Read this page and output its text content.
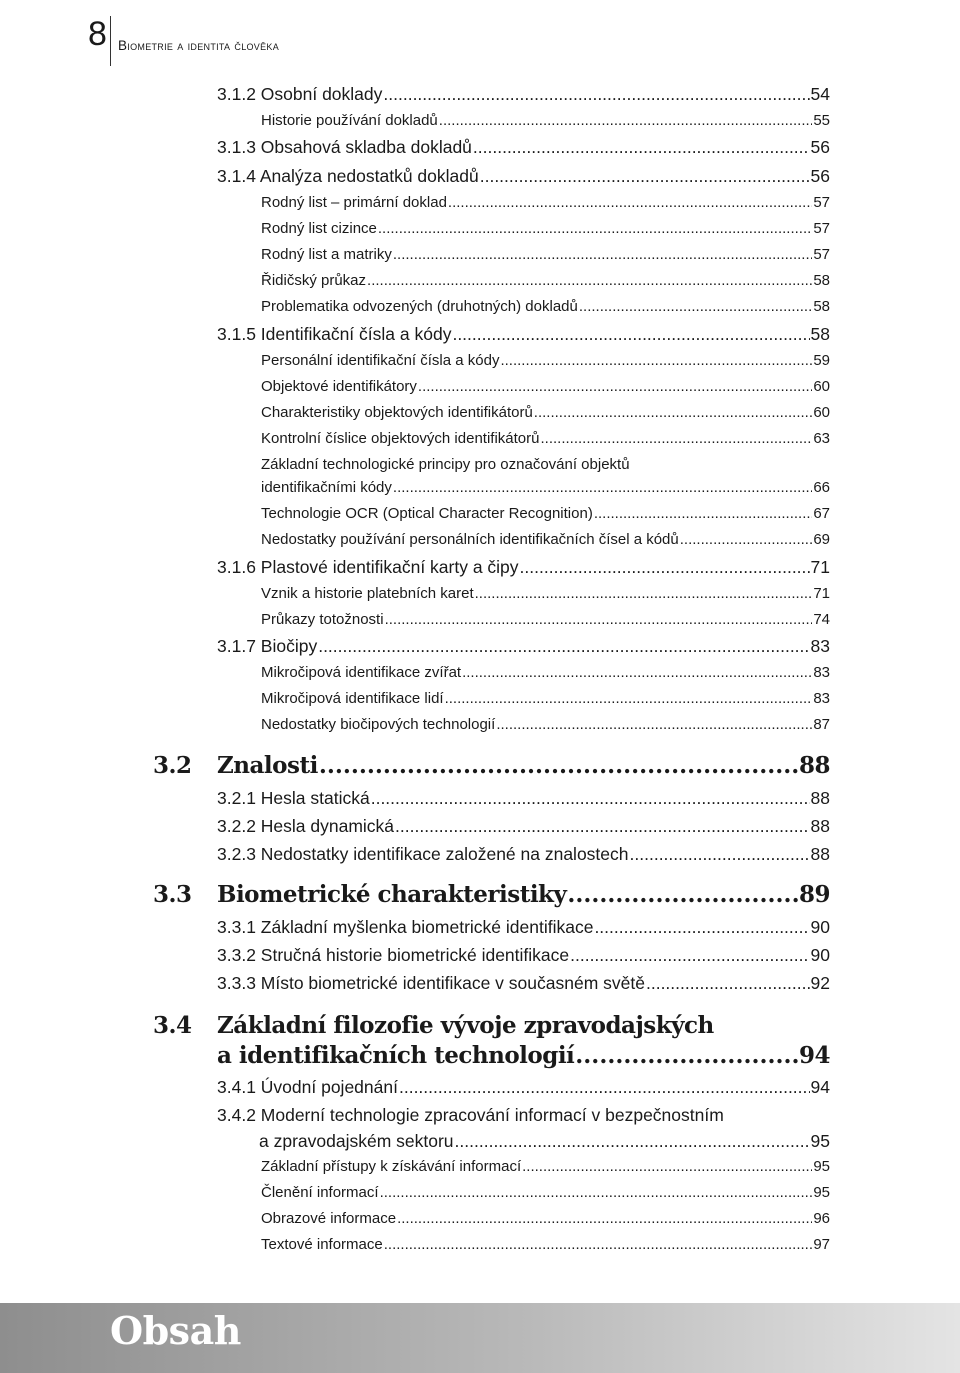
8 Biometrie a identita člověka
3.1.2 Osobní doklady .....	54
Historie používání dokladů .....	55
3.1.3 Obsahová skladba dokladů .....	56
3.1.4 Analýza nedostatků dokladů .....	56
Rodný list – primární doklad .....	57
Rodný list cizince .....	57
Rodný list a matriky .....	57
Řidičský průkaz .....	58
Problematika odvozených (druhotných) dokladů .....	58
3.1.5 Identifikační čísla a kódy .....	58
Personální identifikační čísla a kódy .....	59
Objektové identifikátory .....	60
Charakteristiky objektových identifikátorů .....	60
Kontrolní číslice objektových identifikátorů .....	63
Základní technologické principy pro označování objektů
identifikačními kódy .....	66
Technologie OCR (Optical Character Recognition) .....	67
Nedostatky používání personálních identifikačních čísel a kódů .....	69
3.1.6 Plastové identifikační karty a čipy .....	71
Vznik a historie platebních karet .....	71
Průkazy totožnosti .....	74
3.1.7 Biočipy .....	83
Mikročipová identifikace zvířat .....	83
Mikročipová identifikace lidí .....	83
Nedostatky biočipových technologií .....	87
3.2	Znalosti .....	88
3.2.1 Hesla statická .....	88
3.2.2 Hesla dynamická .....	88
3.2.3 Nedostatky identifikace založené na znalostech .....	88
3.3	Biometrické charakteristiky .....	89
3.3.1 Základní myšlenka biometrické identifikace .....	90
3.3.2 Stručná historie biometrické identifikace .....	90
3.3.3 Místo biometrické identifikace v současném světě .....	92
3.4 Základní filozofie vývoje zpravodajských
a identifikačních technologií .....	94
3.4.1 Úvodní pojednání .....	94
3.4.2 Moderní technologie zpracování informací v bezpečnostním
a zpravodajském sektoru .....	95
Základní přístupy k získávání informací .....	95
Členění informací .....	95
Obrazové informace .....	96
Textové informace .....	97
Obsah
